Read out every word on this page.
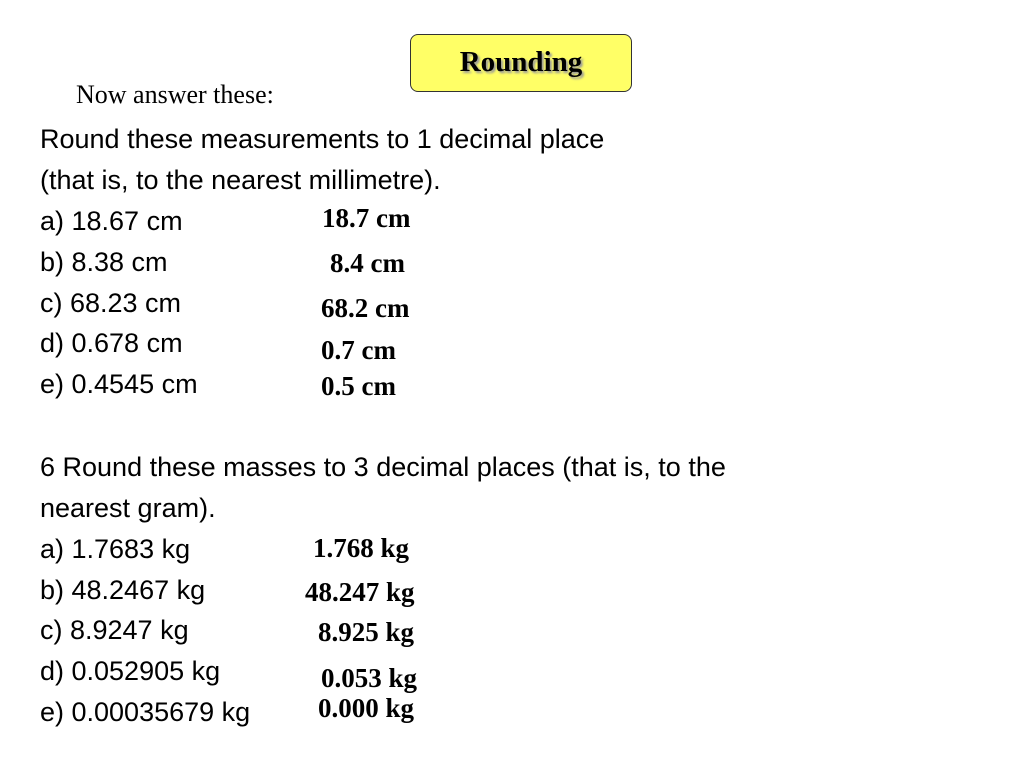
Rounding
Now answer these:
Round these measurements to 1 decimal place
(that is, to the nearest millimetre).
a) 18.67 cm
b) 8.38 cm
c) 68.23 cm
d) 0.678 cm
e) 0.4545 cm
18.7 cm
8.4 cm
68.2 cm
0.7 cm
0.5 cm
6 Round these masses to 3 decimal places (that is, to the
nearest gram).
a) 1.7683 kg
b) 48.2467 kg
c) 8.9247 kg
d) 0.052905 kg
e) 0.00035679 kg
1.768 kg
48.247 kg
8.925 kg
0.053 kg
0.000 kg
